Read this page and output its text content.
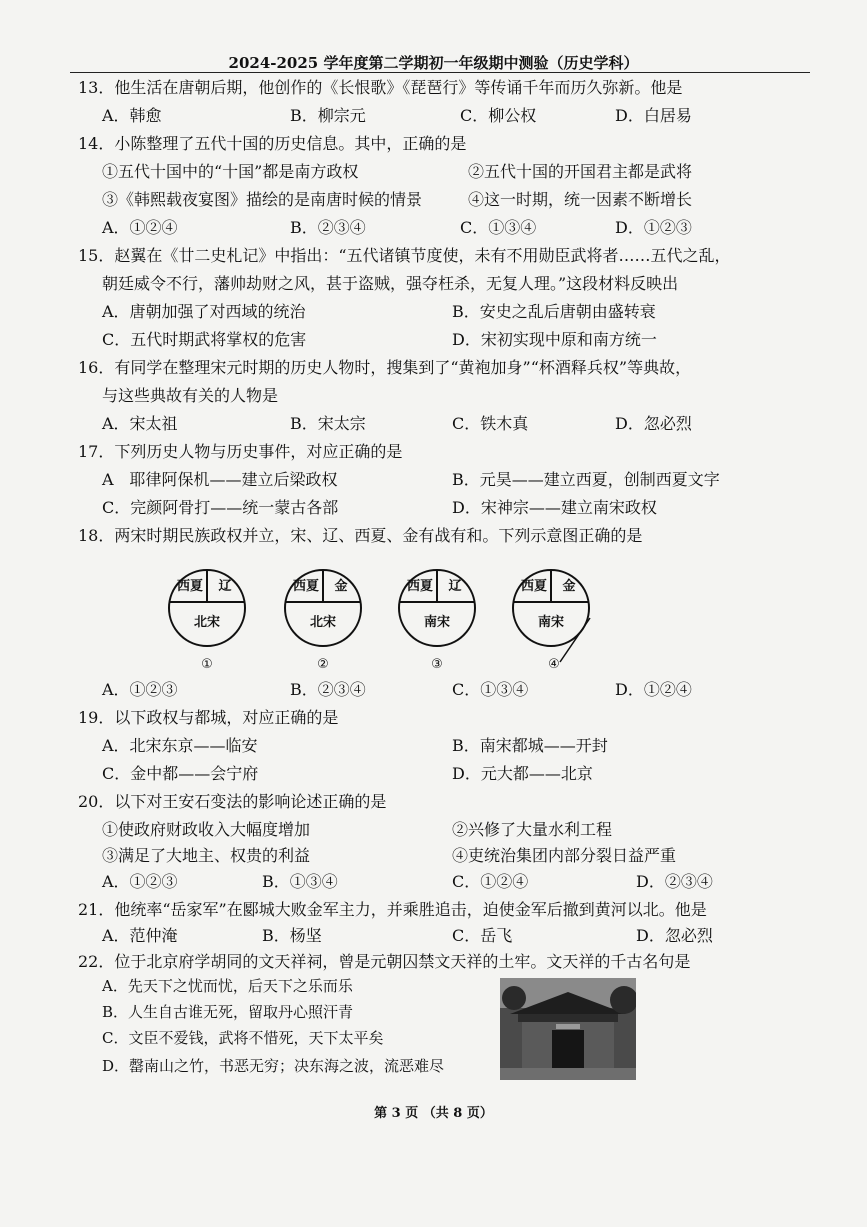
2024-2025 学年度第二学期初一年级期中测验（历史学科）
13．他生活在唐朝后期，他创作的《长恨歌》《琵琶行》等传诵千年而历久弥新。他是
A．韩愈	B．柳宗元	C．柳公权	D．白居易
14．小陈整理了五代十国的历史信息。其中，正确的是
①五代十国中的“十国”都是南方政权	②五代十国的开国君主都是武将
③《韩熙载夜宴图》描绘的是南唐时候的情景	④这一时期，统一因素不断增长
A．①②④	B．②③④	C．①③④	D．①②③
15．赵翼在《廿二史札记》中指出：“五代诸镇节度使，未有不用勋臣武将者……五代之乱，
朝廷威令不行，藩帅劫财之风，甚于盗贼，强夺枉杀，无复人理。”这段材料反映出
A．唐朝加强了对西域的统治	B．安史之乱后唐朝由盛转衰
C．五代时期武将掌权的危害	D．宋初实现中原和南方统一
16．有同学在整理宋元时期的历史人物时，搜集到了“黄袍加身”“杯酒释兵权”等典故，
与这些典故有关的人物是
A．宋太祖	B．宋太宗	C．铁木真	D．忽必烈
17．下列历史人物与历史事件，对应正确的是
A　耶律阿保机——建立后梁政权	B．元昊——建立西夏，创制西夏文字
C．完颜阿骨打——统一蒙古各部	D．宋神宗——建立南宋政权
18．两宋时期民族政权并立，宋、辽、西夏、金有战有和。下列示意图正确的是
西夏 辽
北宋
①
西夏 金
北宋
②
西夏 辽
南宋
③
西夏 金
南宋
④
A．①②③	B．②③④	C．①③④	D．①②④
19．以下政权与都城，对应正确的是
A．北宋东京——临安	B．南宋都城——开封
C．金中都——会宁府	D．元大都——北京
20．以下对王安石变法的影响论述正确的是
①使政府财政收入大幅度增加	②兴修了大量水利工程
③满足了大地主、权贵的利益	④吏统治集团内部分裂日益严重
A．①②③	B．①③④	C．①②④	D．②③④
21．他统率“岳家军”在郾城大败金军主力，并乘胜追击，迫使金军后撤到黄河以北。他是
A．范仲淹	B．杨坚	C．岳飞	D．忽必烈
22．位于北京府学胡同的文天祥祠，曾是元朝囚禁文天祥的土牢。文天祥的千古名句是
A．先天下之忧而忧，后天下之乐而乐
B．人生自古谁无死，留取丹心照汗青
C．文臣不爱钱，武将不惜死，天下太平矣
D．罄南山之竹，书恶无穷；决东海之波，流恶难尽
第 3 页 （共 8 页）
